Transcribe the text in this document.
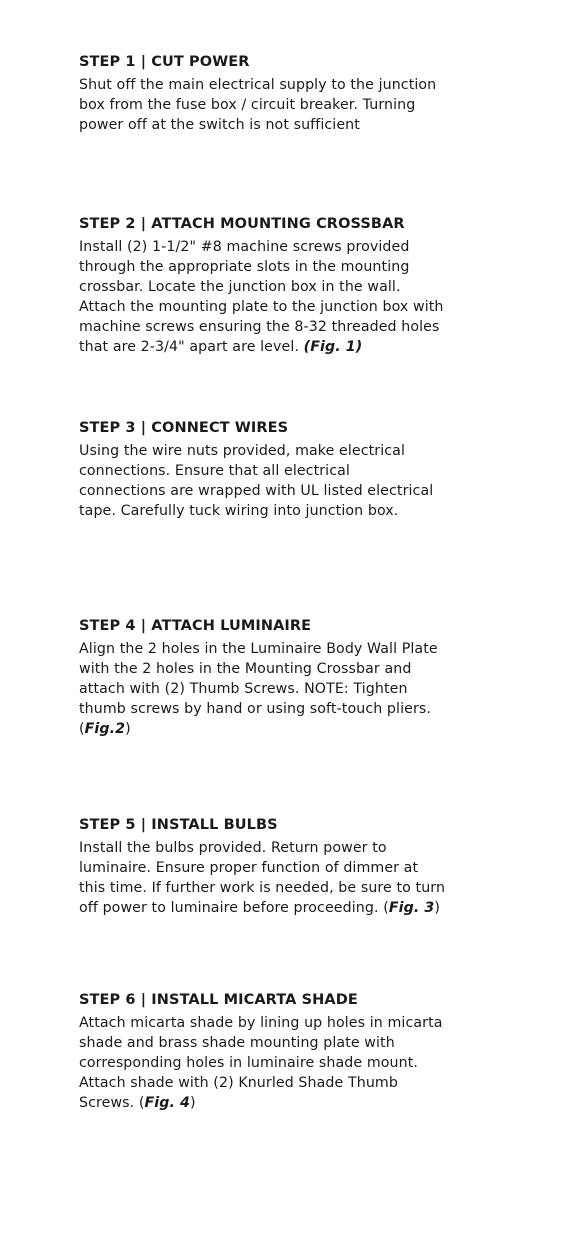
STEP 1 | CUT POWER
Shut off the main electrical supply to the junction
box from the fuse box / circuit breaker. Turning
power off at the switch is not sufficient
STEP 2 | ATTACH MOUNTING CROSSBAR
Install (2) 1-1/2" #8 machine screws provided
through the appropriate slots in the mounting
crossbar. Locate the junction box in the wall.
Attach the mounting plate to the junction box with
machine screws ensuring the 8-32 threaded holes
that are 2-3/4" apart are level. (Fig. 1)
STEP 3 | CONNECT WIRES
Using the wire nuts provided, make electrical
connections. Ensure that all electrical
connections are wrapped with UL listed electrical
tape. Carefully tuck wiring into junction box.
STEP 4 | ATTACH LUMINAIRE
Align the 2 holes in the Luminaire Body Wall Plate
with the 2 holes in the Mounting Crossbar and
attach with (2) Thumb Screws. NOTE: Tighten
thumb screws by hand or using soft-touch pliers.
(Fig.2)
STEP 5 | INSTALL BULBS
Install the bulbs provided. Return power to
luminaire. Ensure proper function of dimmer at
this time. If further work is needed, be sure to turn
off power to luminaire before proceeding. (Fig. 3)
STEP 6 | INSTALL MICARTA SHADE
Attach micarta shade by lining up holes in micarta
shade and brass shade mounting plate with
corresponding holes in luminaire shade mount.
Attach shade with (2) Knurled Shade Thumb
Screws. (Fig. 4)
